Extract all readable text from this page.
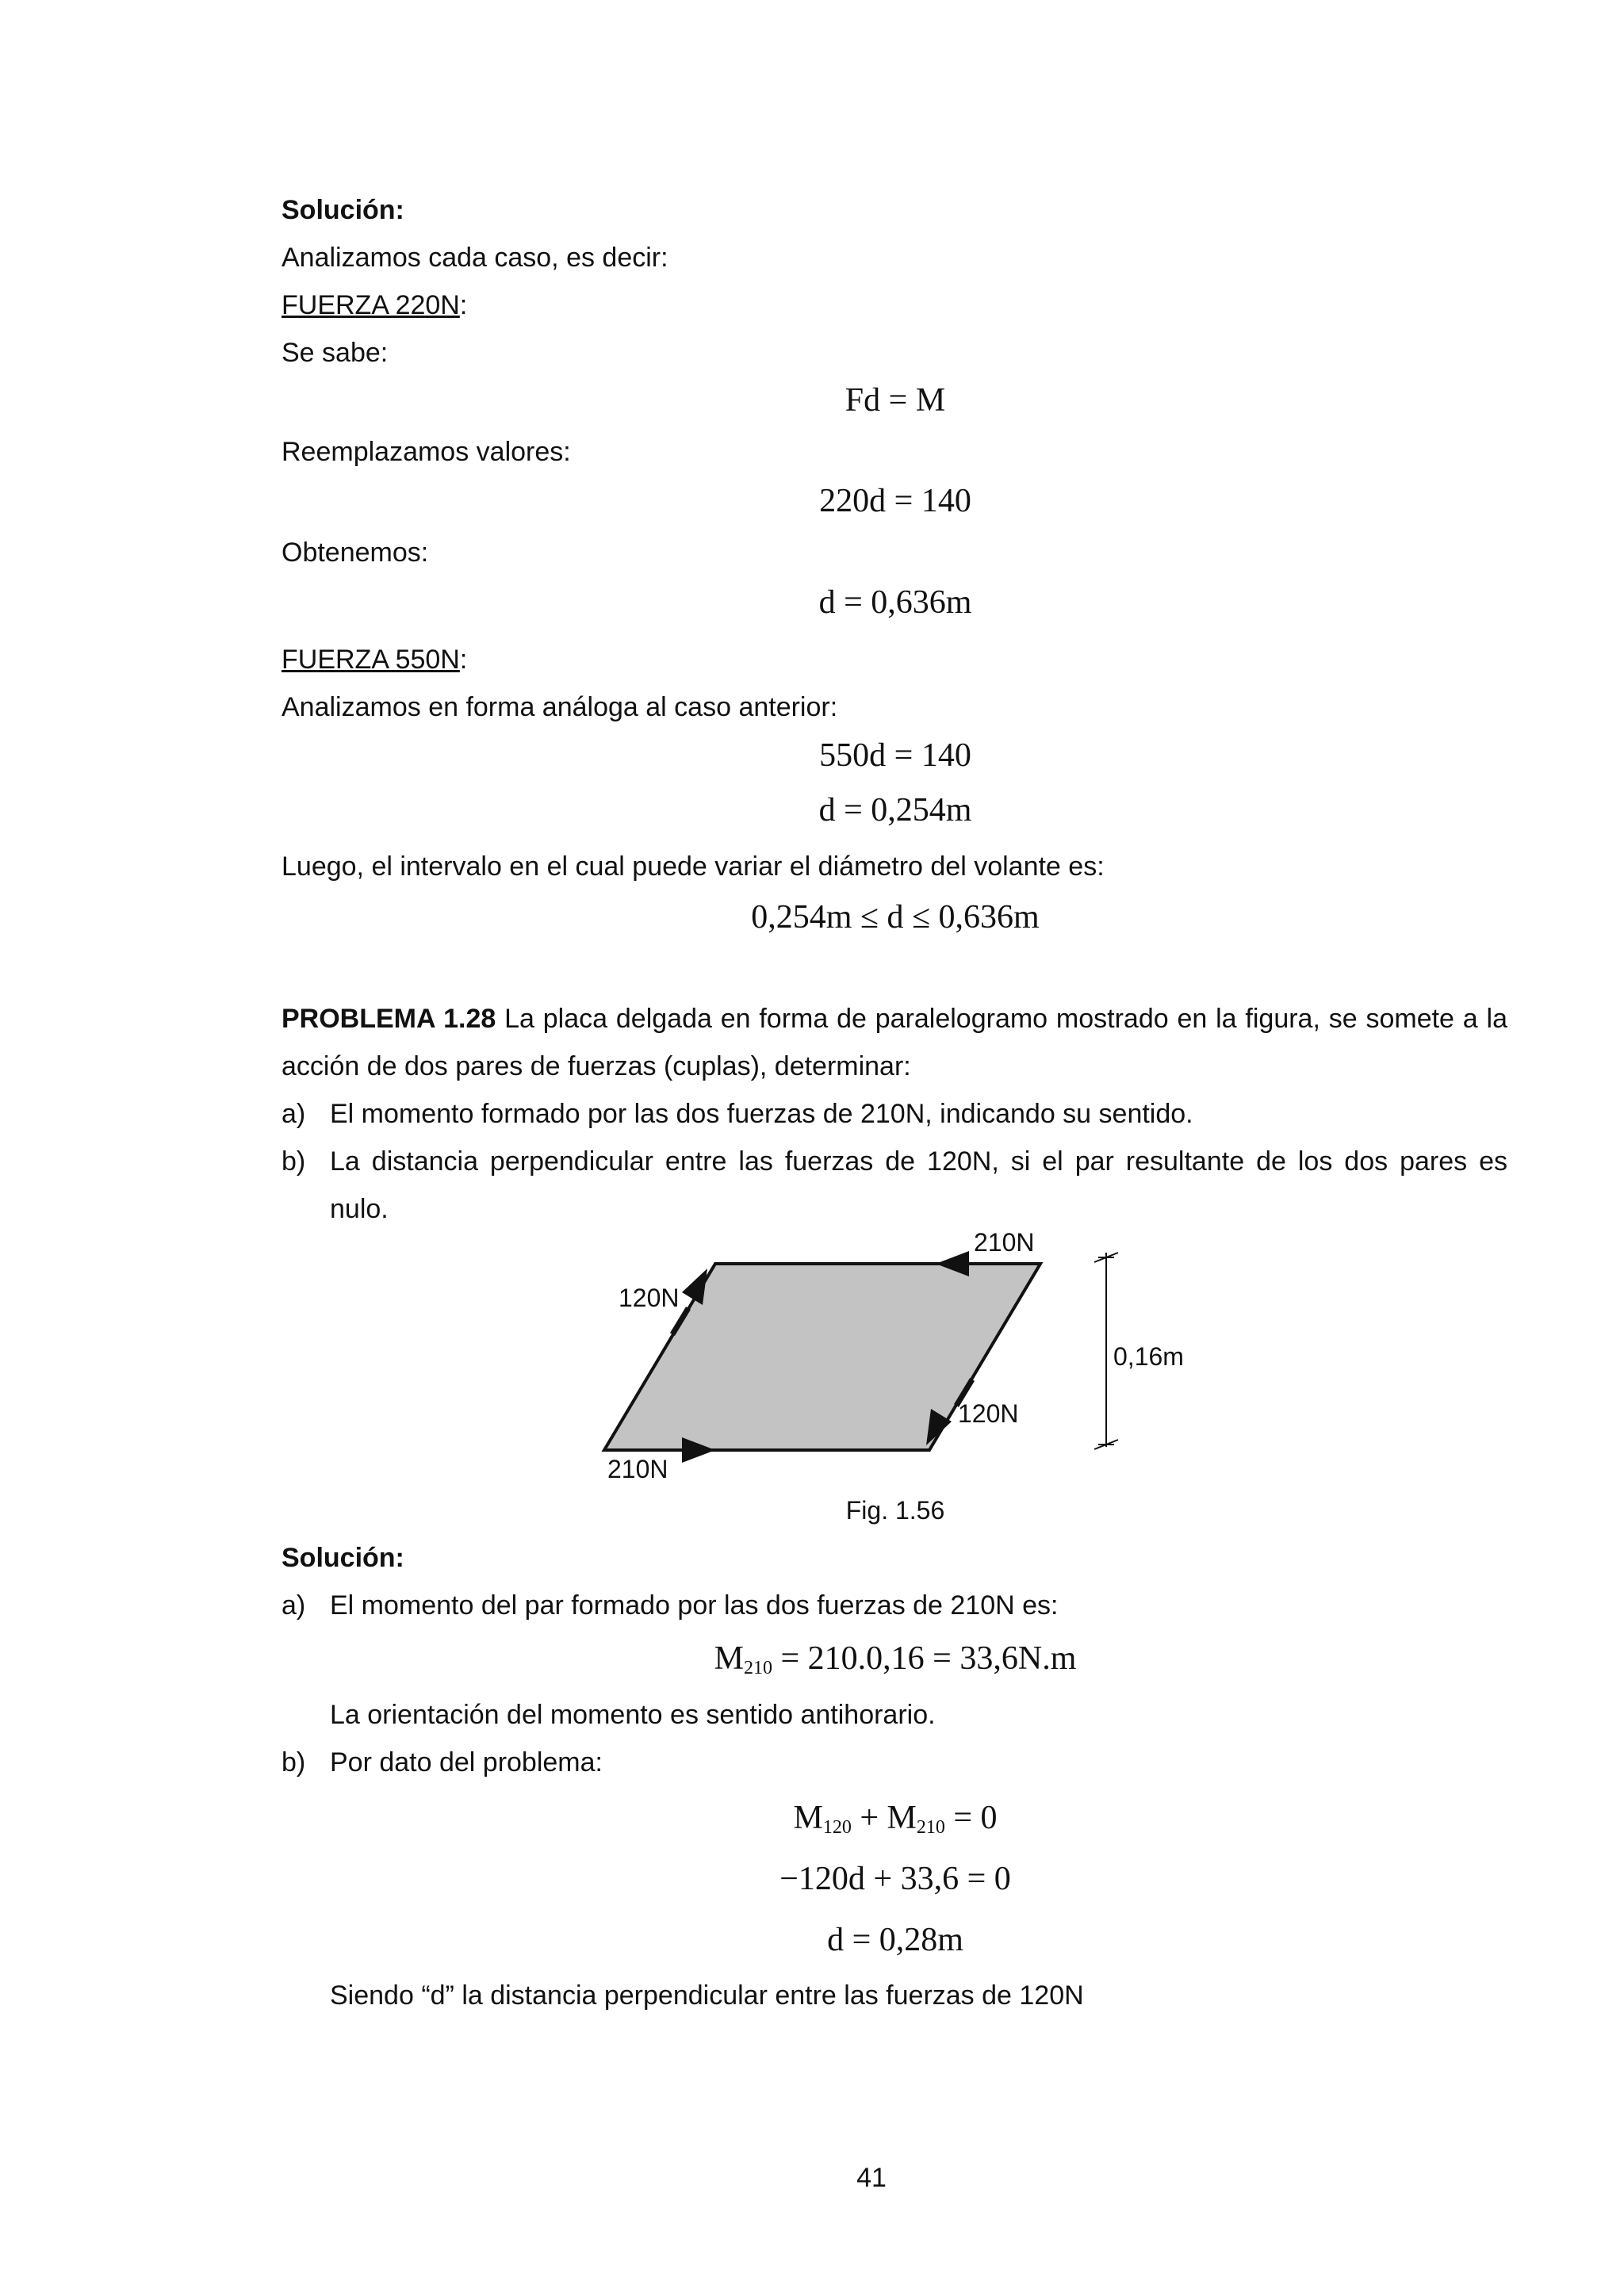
Solución:
Analizamos cada caso, es decir:
FUERZA 220N:
Se sabe:
Fd = M
Reemplazamos valores:
220d = 140
Obtenemos:
d = 0,636m
FUERZA 550N:
Analizamos en forma análoga al caso anterior:
550d = 140
d = 0,254m
Luego, el intervalo en el cual puede variar el diámetro del volante es:
0,254m ≤ d ≤ 0,636m
PROBLEMA 1.28 La placa delgada en forma de paralelogramo mostrado en la figura, se somete a la
acción de dos pares de fuerzas (cuplas), determinar:
a) El momento formado por las dos fuerzas de 210N, indicando su sentido.
b) La distancia perpendicular entre las fuerzas de 120N, si el par resultante de los dos pares es
nulo.
210N
210N
120N
120N
0,16m
Fig. 1.56
Solución:
a) El momento del par formado por las dos fuerzas de 210N es:
$M_{210} = 210.0,16 = 33,6N.m$
La orientación del momento es sentido antihorario.
b) Por dato del problema:
$M_{120} + M_{210} = 0$
−120d + 33,6 = 0
d = 0,28m
Siendo “d” la distancia perpendicular entre las fuerzas de 120N
41
